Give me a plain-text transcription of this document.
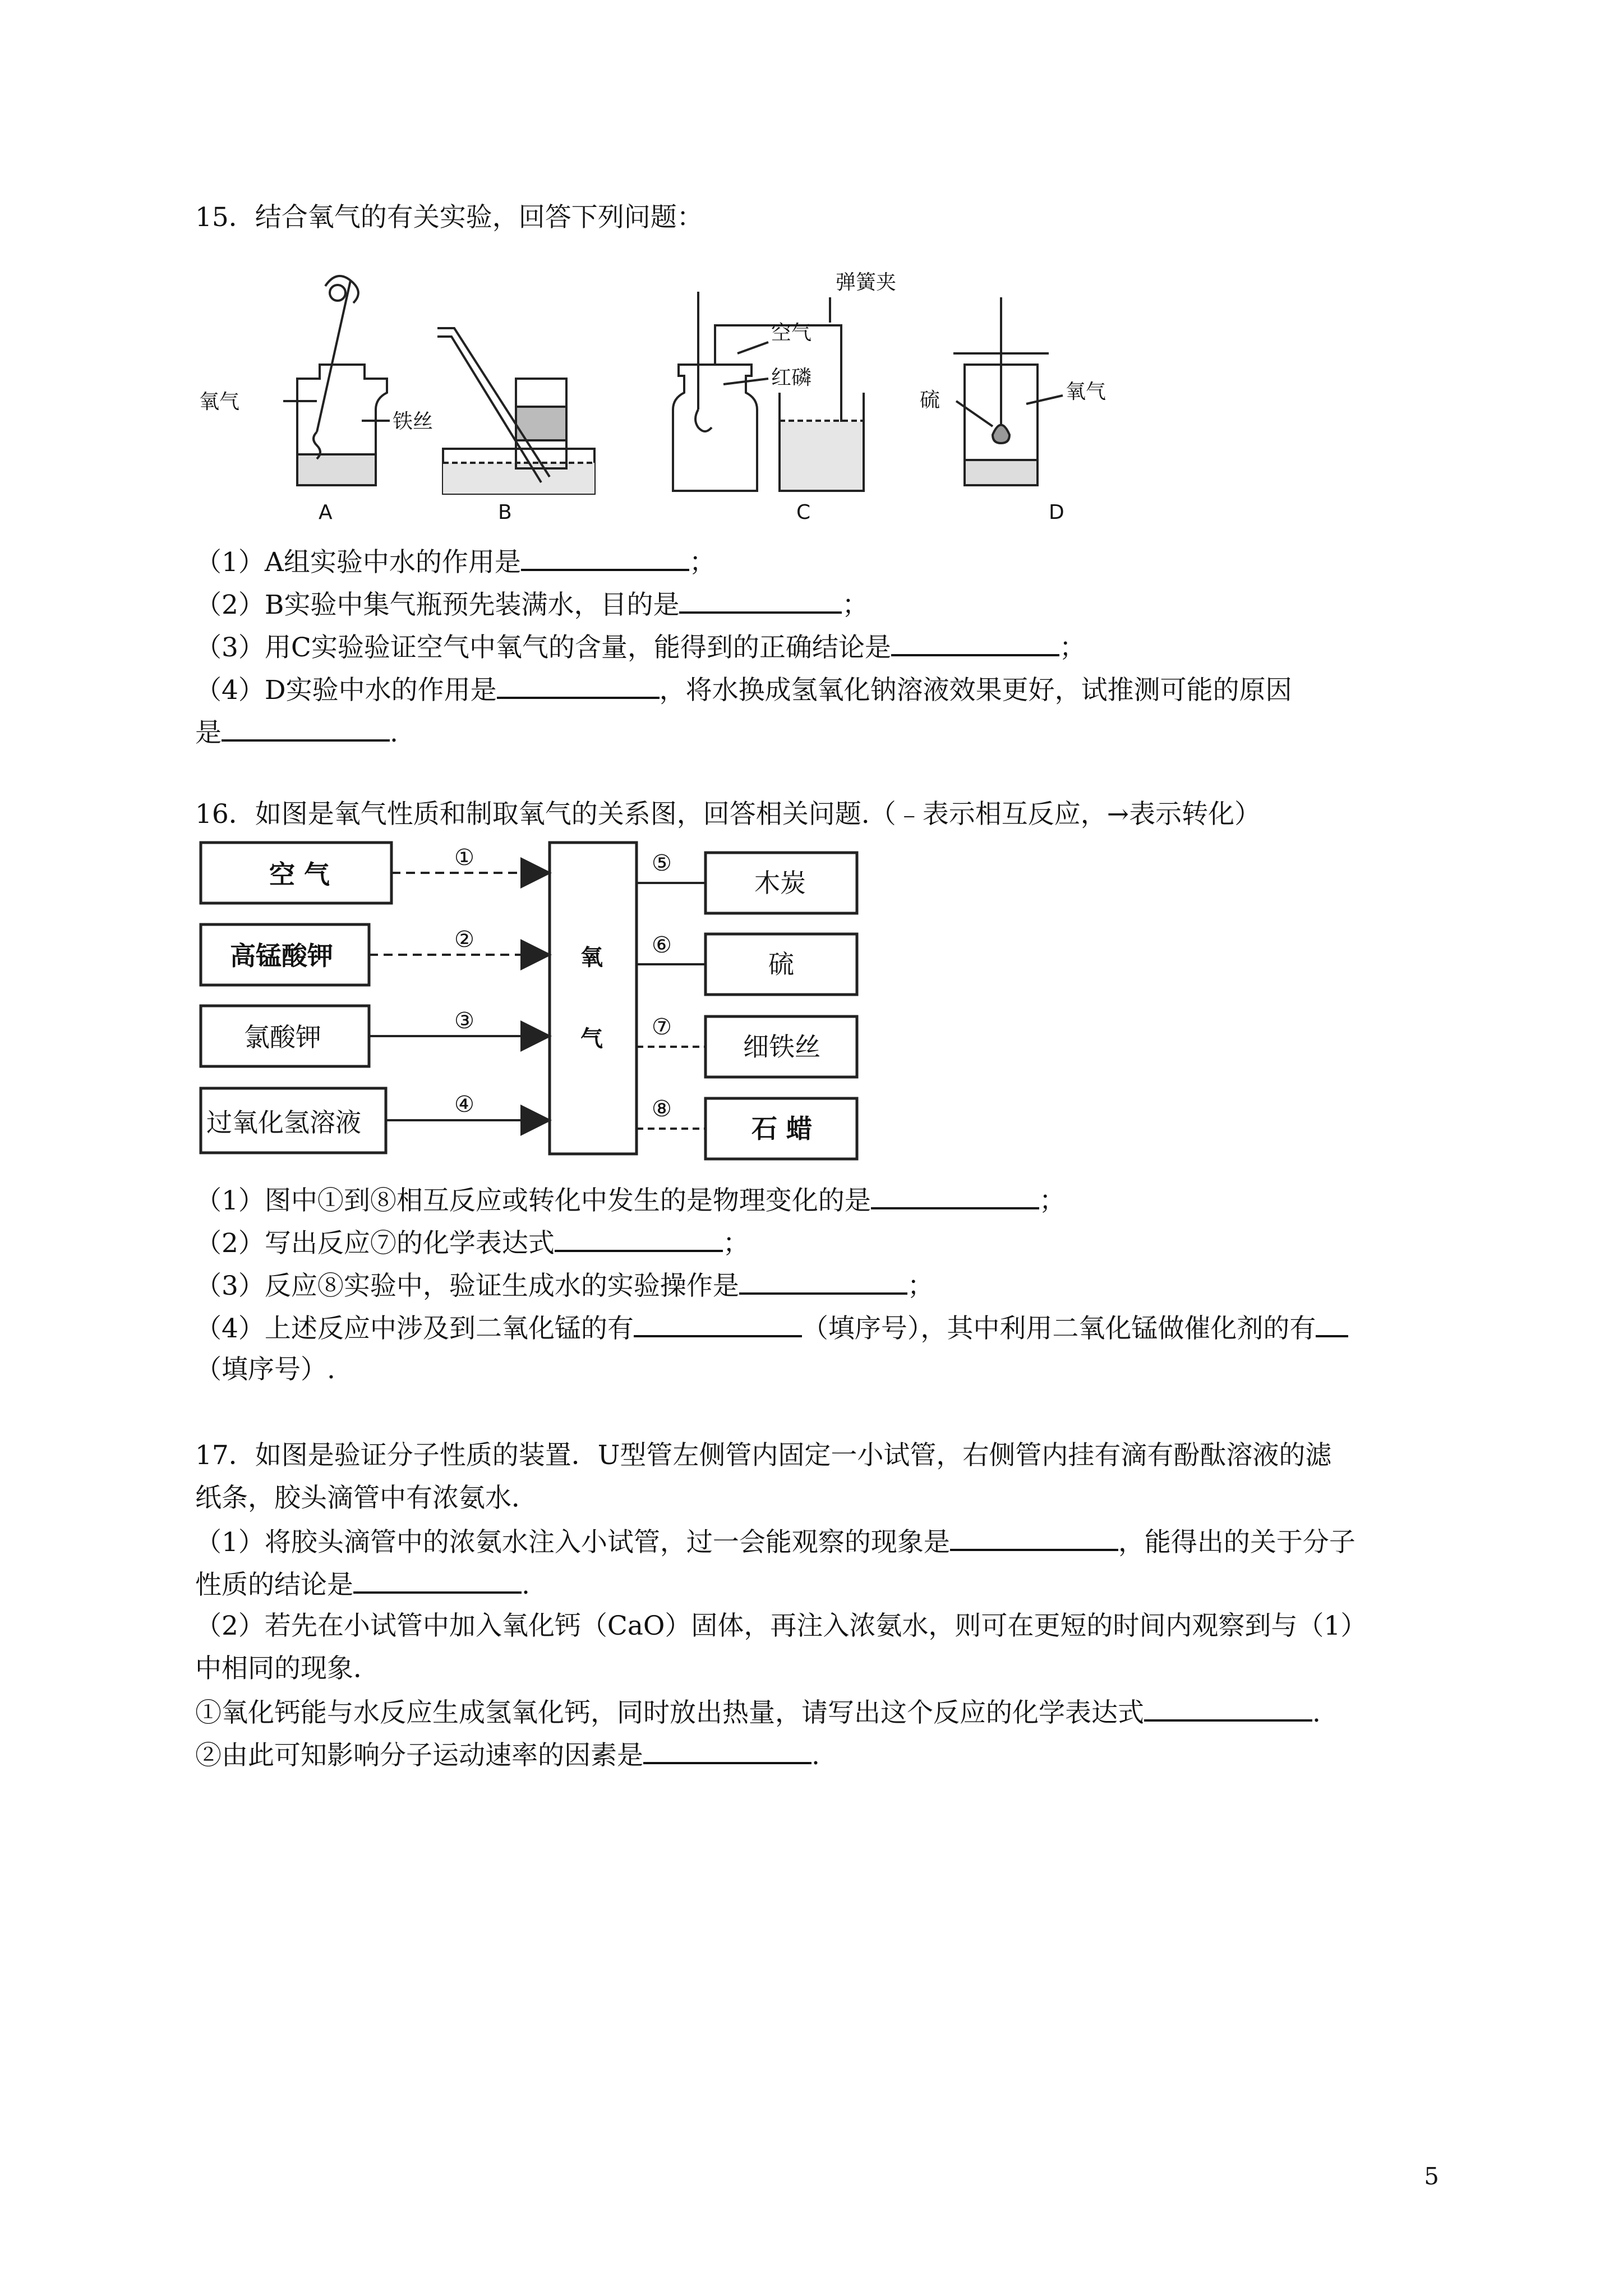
15．结合氧气的有关实验，回答下列问题：
氧气
铁丝
弹簧夹
空气
红磷
硫	氧气
A	B	C	D
（1）A组实验中水的作用是	；
（2）B实验中集气瓶预先装满水，目的是	；
（3）用C实验验证空气中氧气的含量，能得到的正确结论是	；
（4）D实验中水的作用是	，将水换成氢氧化钠溶液效果更好，试推测可能的原因
是	.
16．如图是氧气性质和制取氧气的关系图，回答相关问题.（﹣表示相互反应，→表示转化）
空 气
高锰酸钾
氯酸钾
过氧化氢溶液
氧
气
木炭
硫
细铁丝
石 蜡
①
②
③
④
⑤
⑥
⑦
⑧
（1）图中①到⑧相互反应或转化中发生的是物理变化的是	；
（2）写出反应⑦的化学表达式	；
（3）反应⑧实验中，验证生成水的实验操作是	；
（4）上述反应中涉及到二氧化锰的有	（填序号），其中利用二氧化锰做催化剂的有
（填序号）.
17．如图是验证分子性质的装置．U型管左侧管内固定一小试管，右侧管内挂有滴有酚酞溶液的滤
纸条，胶头滴管中有浓氨水．
（1）将胶头滴管中的浓氨水注入小试管，过一会能观察的现象是	，能得出的关于分子
性质的结论是	.
（2）若先在小试管中加入氧化钙（CaO）固体，再注入浓氨水，则可在更短的时间内观察到与（1）
中相同的现象．
①氧化钙能与水反应生成氢氧化钙，同时放出热量，请写出这个反应的化学表达式	.
②由此可知影响分子运动速率的因素是	.
5
